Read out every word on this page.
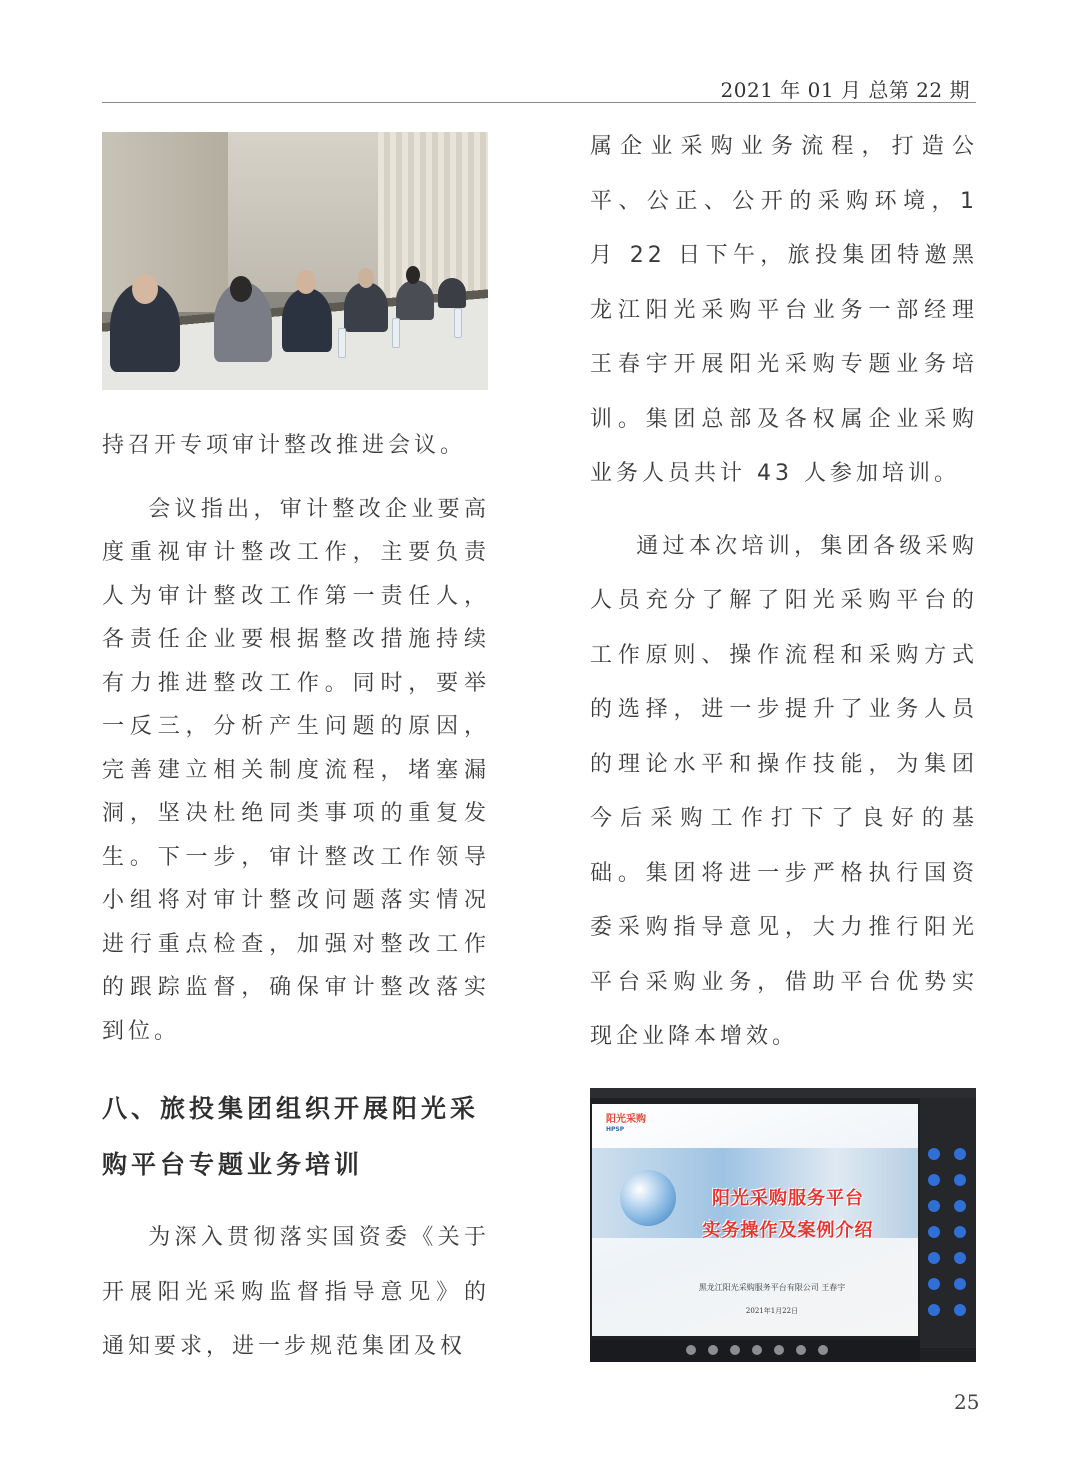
2021 年 01 月 总第 22 期

持召开专项审计整改推进会议。

会议指出，审计整改企业要高度重视审计整改工作，主要负责人为审计整改工作第一责任人，各责任企业要根据整改措施持续有力推进整改工作。同时，要举一反三，分析产生问题的原因，完善建立相关制度流程，堵塞漏洞，坚决杜绝同类事项的重复发生。下一步，审计整改工作领导小组将对审计整改问题落实情况进行重点检查，加强对整改工作的跟踪监督，确保审计整改落实到位。

八、旅投集团组织开展阳光采购平台专题业务培训

为深入贯彻落实国资委《关于开展阳光采购监督指导意见》的通知要求，进一步规范集团及权

属企业采购业务流程，打造公平、公正、公开的采购环境，1 月 22 日下午，旅投集团特邀黑龙江阳光采购平台业务一部经理王春宇开展阳光采购专题业务培训。集团总部及各权属企业采购业务人员共计 43 人参加培训。

通过本次培训，集团各级采购人员充分了解了阳光采购平台的工作原则、操作流程和采购方式的选择，进一步提升了业务人员的理论水平和操作技能，为集团今后采购工作打下了良好的基础。集团将进一步严格执行国资委采购指导意见，大力推行阳光平台采购业务，借助平台优势实现企业降本增效。

阳光采购
HPSP
阳光采购服务平台
实务操作及案例介绍
黑龙江阳光采购服务平台有限公司 王春宇
2021年1月22日
25
